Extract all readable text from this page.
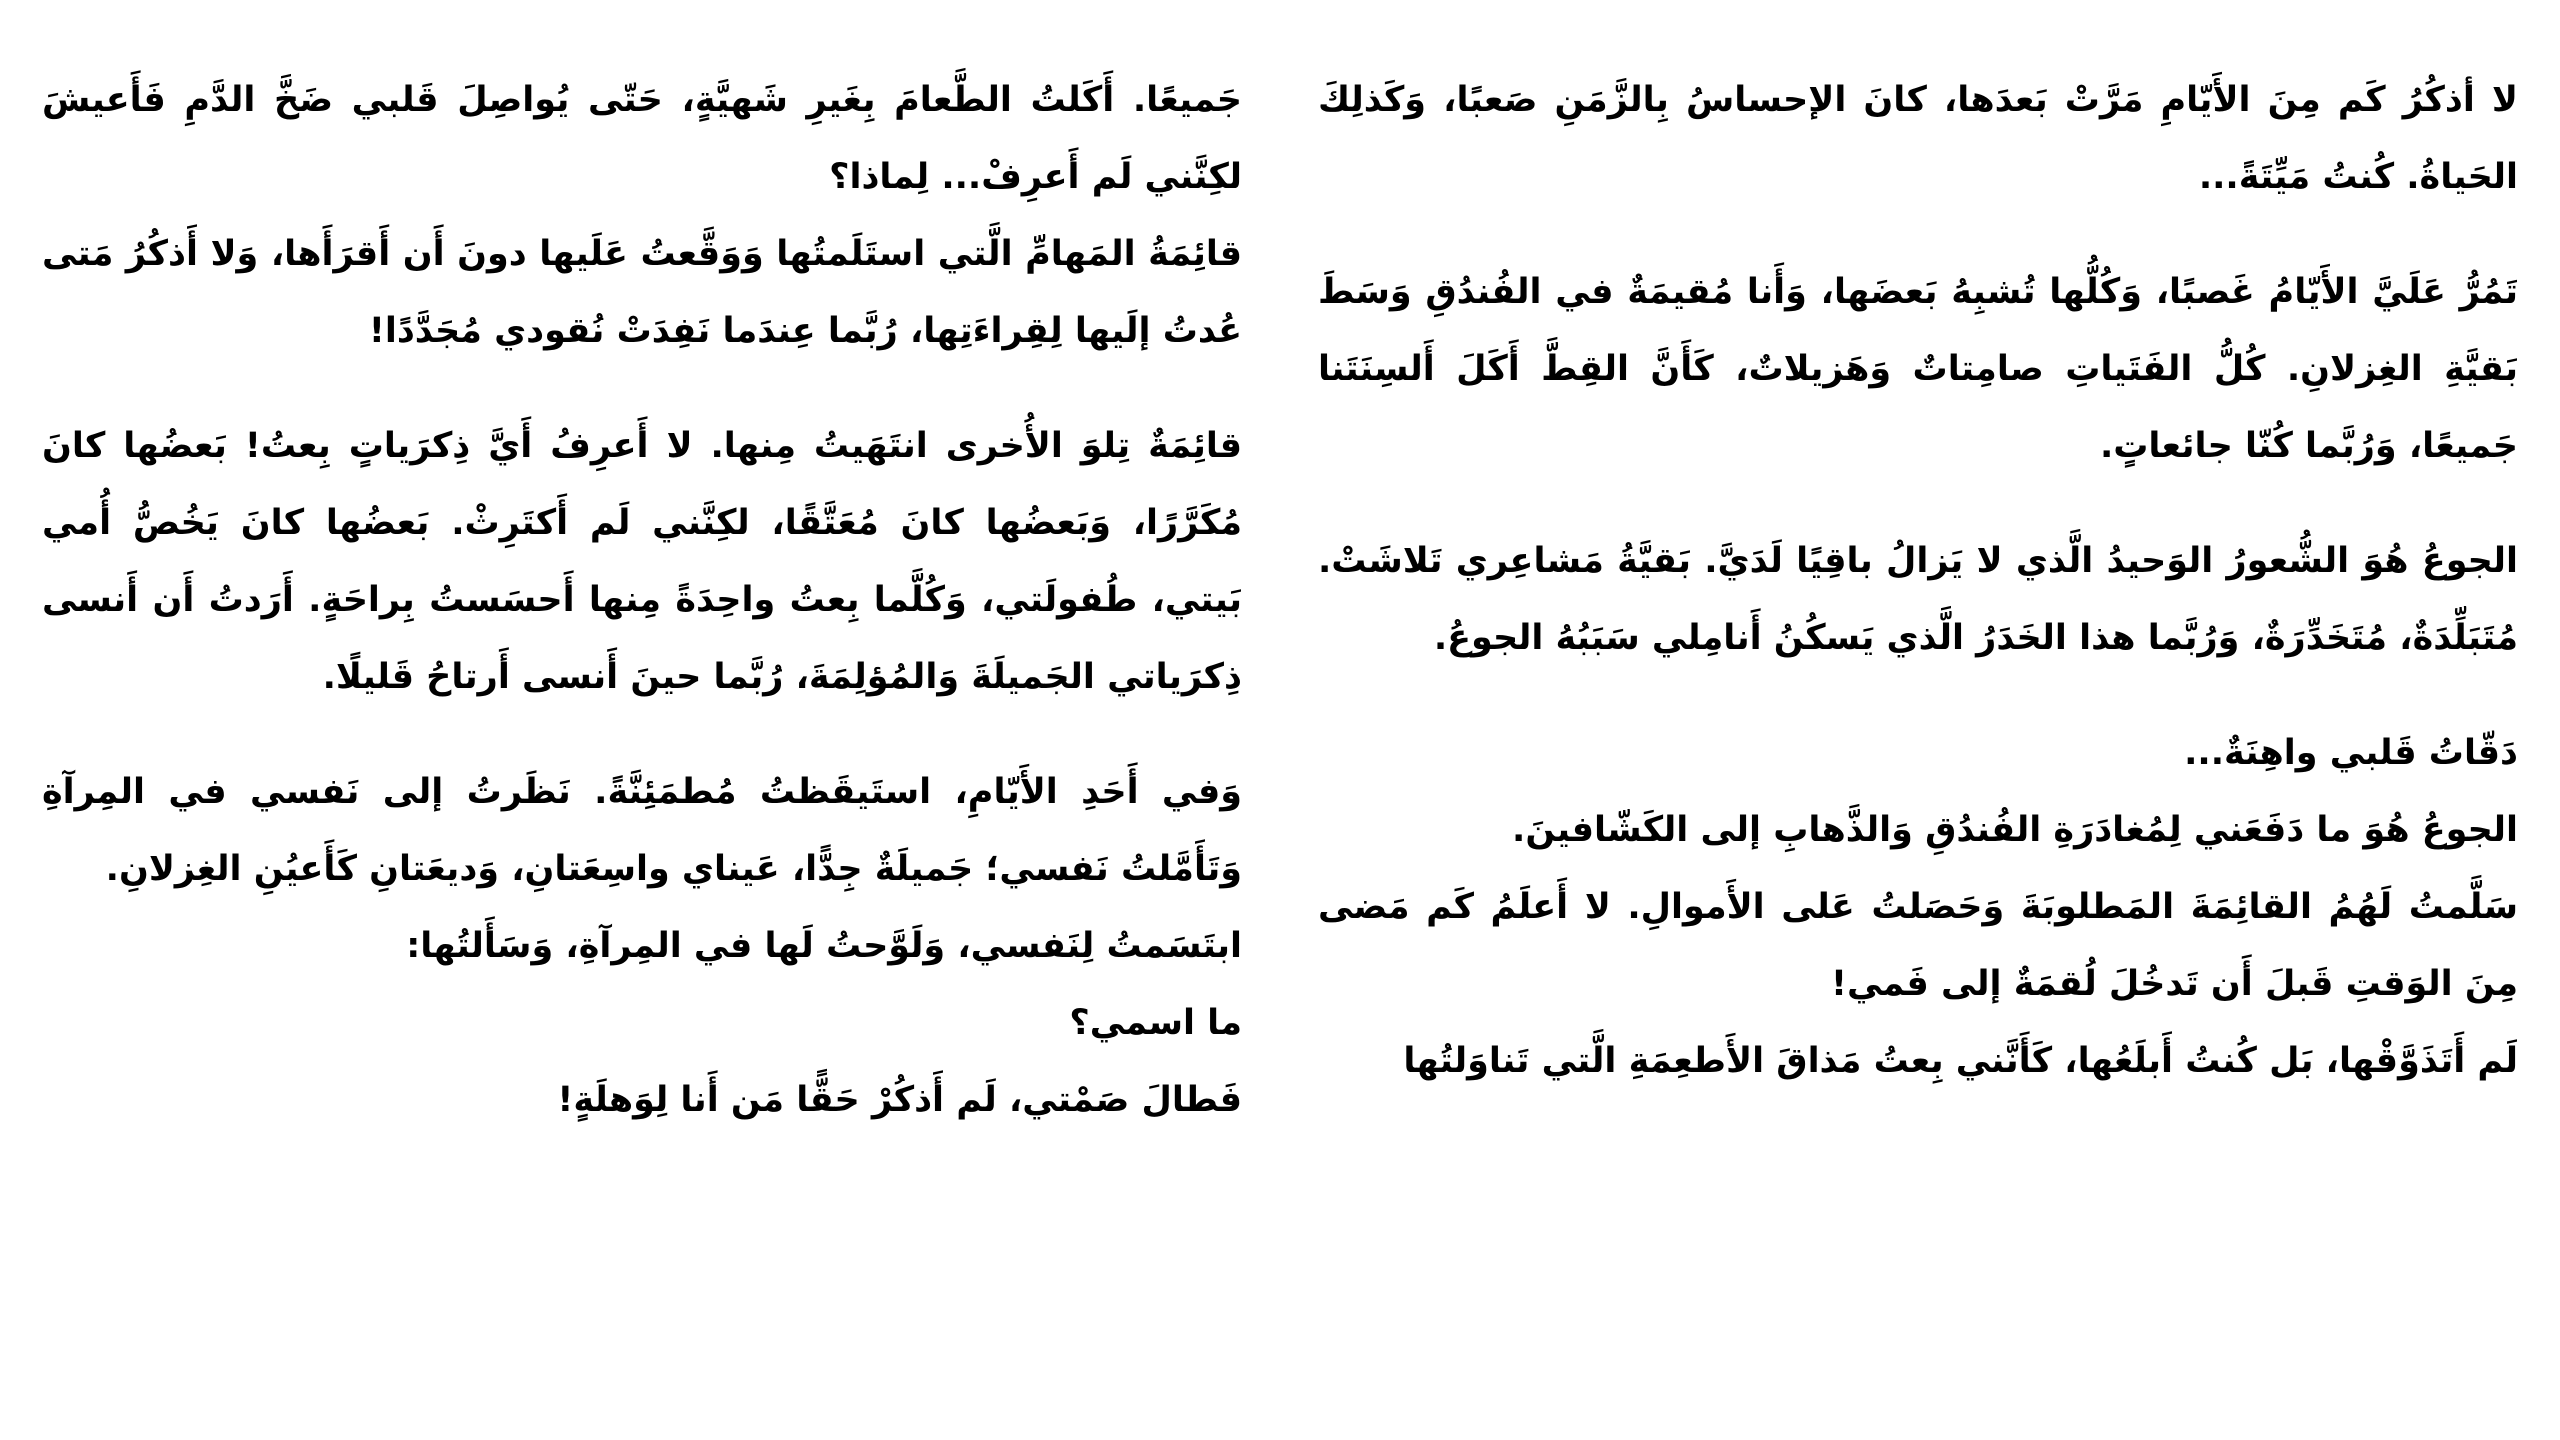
لا أذكُرُ كَم مِنَ الأَيّامِ مَرَّتْ بَعدَها، كانَ الإحساسُ بِالزَّمَنِ صَعبًا، وَكَذلِكَ الحَياةُ. كُنتُ مَيِّتَةً...

تَمُرُّ عَلَيَّ الأَيّامُ غَصبًا، وَكُلُّها تُشبِهُ بَعضَها، وَأَنا مُقيمَةٌ في الفُندُقِ وَسَطَ بَقيَّةِ الغِزلانِ. كُلُّ الفَتَياتِ صامِتاتٌ وَهَزيلاتٌ، كَأَنَّ القِطَّ أَكَلَ أَلسِنَتَنا جَميعًا، وَرُبَّما كُنّا جائعاتٍ.

الجوعُ هُوَ الشُّعورُ الوَحيدُ الَّذي لا يَزالُ باقِيًا لَدَيَّ. بَقيَّةُ مَشاعِري تَلاشَتْ. مُتَبَلِّدَةٌ، مُتَخَدِّرَةٌ، وَرُبَّما هذا الخَدَرُ الَّذي يَسكُنُ أَنامِلي سَبَبُهُ الجوعُ.

دَقّاتُ قَلبي واهِنَةٌ...

الجوعُ هُوَ ما دَفَعَني لِمُغادَرَةِ الفُندُقِ وَالذَّهابِ إلى الكَشّافينَ.

سَلَّمتُ لَهُمُ القائِمَةَ المَطلوبَةَ وَحَصَلتُ عَلى الأَموالِ. لا أَعلَمُ كَم مَضى مِنَ الوَقتِ قَبلَ أَن تَدخُلَ لُقمَةٌ إلى فَمي!

لَم أَتَذَوَّقْها، بَل كُنتُ أَبلَعُها، كَأَنَّني بِعتُ مَذاقَ الأَطعِمَةِ الَّتي تَناوَلتُها

جَميعًا. أَكَلتُ الطَّعامَ بِغَيرِ شَهيَّةٍ، حَتّى يُواصِلَ قَلبي ضَخَّ الدَّمِ فَأَعيشَ لكِنَّني لَم أَعرِفْ... لِماذا؟

قائِمَةُ المَهامِّ الَّتي استَلَمتُها وَوَقَّعتُ عَلَيها دونَ أَن أَقرَأَها، وَلا أَذكُرُ مَتى عُدتُ إلَيها لِقِراءَتِها، رُبَّما عِندَما نَفِدَتْ نُقودي مُجَدَّدًا!

قائِمَةٌ تِلوَ الأُخرى انتَهَيتُ مِنها. لا أَعرِفُ أَيَّ ذِكرَياتٍ بِعتُ! بَعضُها كانَ مُكَرَّرًا، وَبَعضُها كانَ مُعَتَّقًا، لكِنَّني لَم أَكتَرِثْ. بَعضُها كانَ يَخُصُّ أُمي بَيتي، طُفولَتي، وَكُلَّما بِعتُ واحِدَةً مِنها أَحسَستُ بِراحَةٍ. أَرَدتُ أَن أَنسى ذِكرَياتي الجَميلَةَ وَالمُؤلِمَةَ، رُبَّما حينَ أَنسى أَرتاحُ قَليلًا.

وَفي أَحَدِ الأَيّامِ، استَيقَظتُ مُطمَئِنَّةً. نَظَرتُ إلى نَفسي في المِرآةِ وَتَأَمَّلتُ نَفسي؛ جَميلَةٌ جِدًّا، عَيناي واسِعَتانِ، وَديعَتانِ كَأَعيُنِ الغِزلانِ.

ابتَسَمتُ لِنَفسي، وَلَوَّحتُ لَها في المِرآةِ، وَسَأَلتُها:

ما اسمي؟

فَطالَ صَمْتي، لَم أَذكُرْ حَقًّا مَن أَنا لِوَهلَةٍ!
